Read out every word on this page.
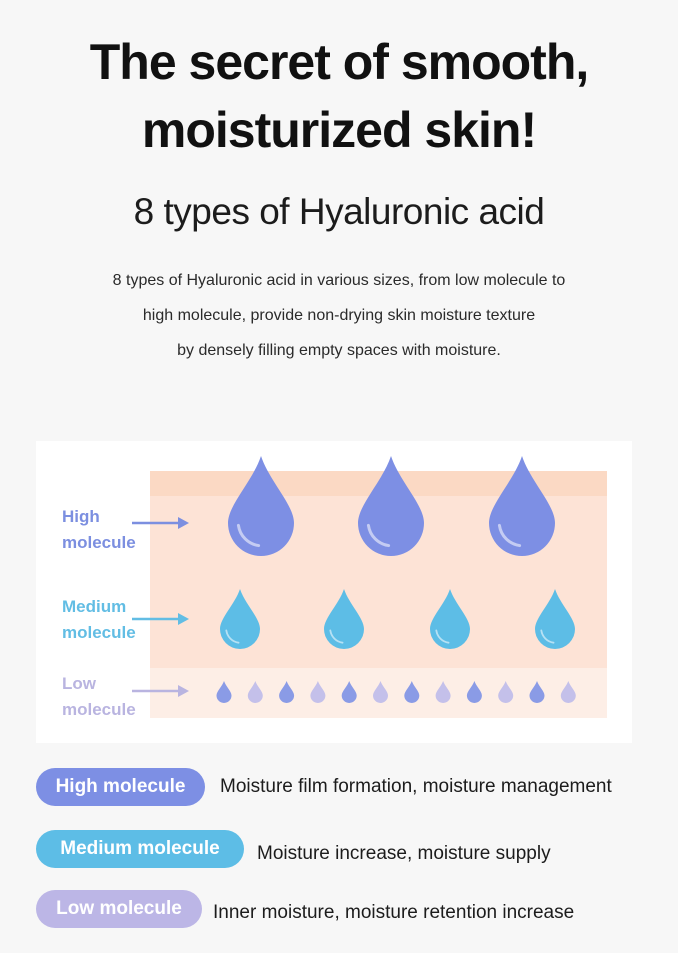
The secret of smooth,
moisturized skin!
8 types of Hyaluronic acid
8 types of Hyaluronic acid in various sizes, from low molecule to
high molecule, provide non-drying skin moisture texture
by densely filling empty spaces with moisture.
High
molecule
Medium
molecule
Low
molecule
High molecule	Moisture film formation, moisture management
Medium molecule	Moisture increase, moisture supply
Low molecule	Inner moisture, moisture retention increase
